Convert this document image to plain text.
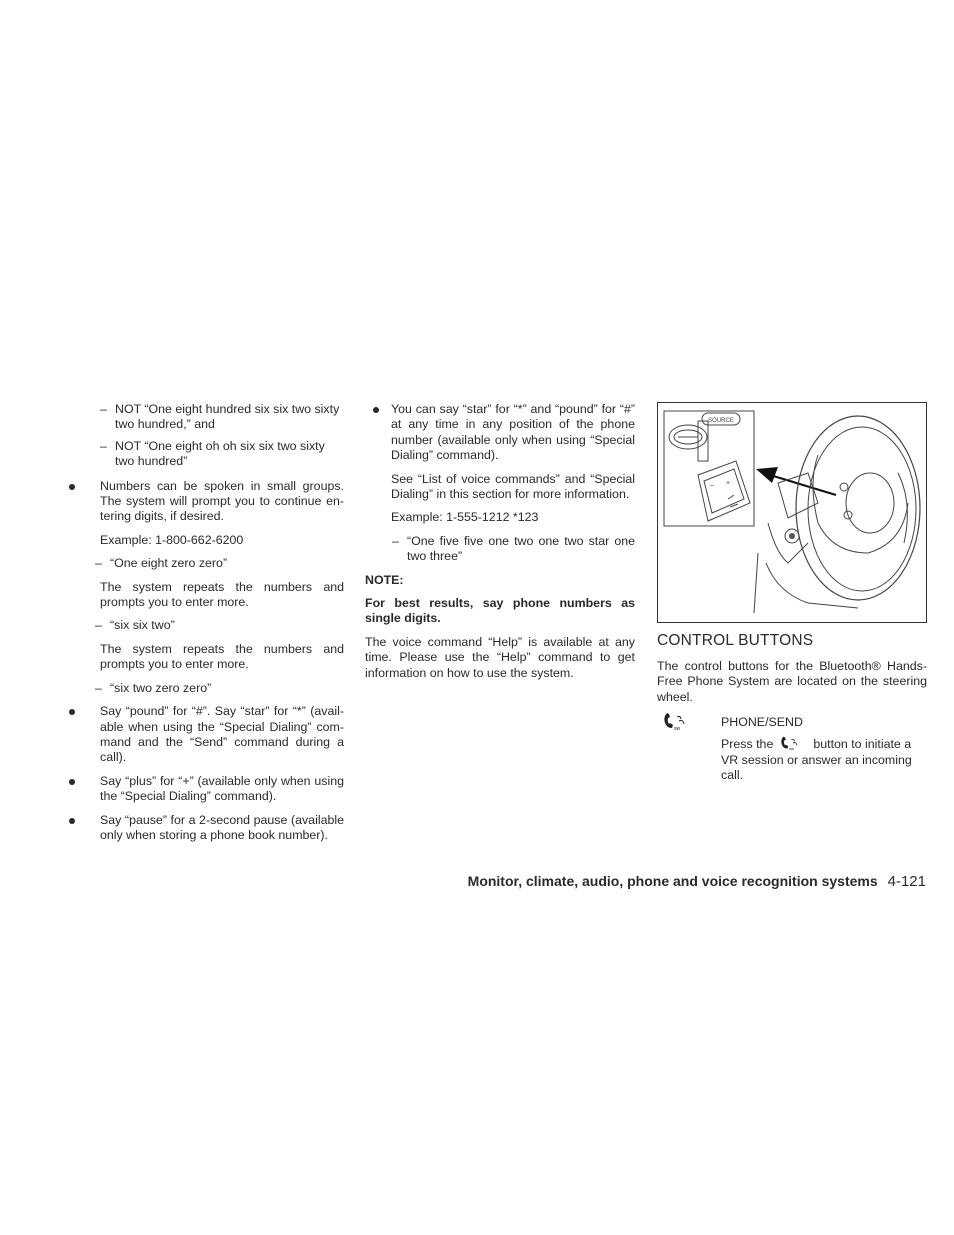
– NOT “One eight hundred six six two sixty two hundred,” and
– NOT “One eight oh oh six six two sixty two hundred”
Numbers can be spoken in small groups. The system will prompt you to continue en-tering digits, if desired.

Example: 1-800-662-6200

– “One eight zero zero”

The system repeats the numbers and prompts you to enter more.

– “six six two”

The system repeats the numbers and prompts you to enter more.

– “six two zero zero”
Say “pound” for “#”. Say “star” for “*” (avail-able when using the “Special Dialing” com-mand and the “Send” command during a call).
Say “plus” for “+” (available only when using the “Special Dialing” command).
Say “pause” for a 2-second pause (available only when storing a phone book number).
You can say “star” for “*” and “pound” for “#” at any time in any position of the phone number (available only when using “Special Dialing” command).

See “List of voice commands” and “Special Dialing” in this section for more information.

Example: 1-555-1212 *123

– “One five five one two one two star one two three”

NOTE:

For best results, say phone numbers as single digits.

The voice command “Help” is available at any time. Please use the “Help” command to get information on how to use the system.

SOURCE
– +

CONTROL BUTTONS

The control buttons for the Bluetooth® Hands-Free Phone System are located on the steering wheel.

sw	PHONE/SEND

Press the	sw button to initiate a VR session or answer an incoming call.

Monitor, climate, audio, phone and voice recognition systems 4-121
